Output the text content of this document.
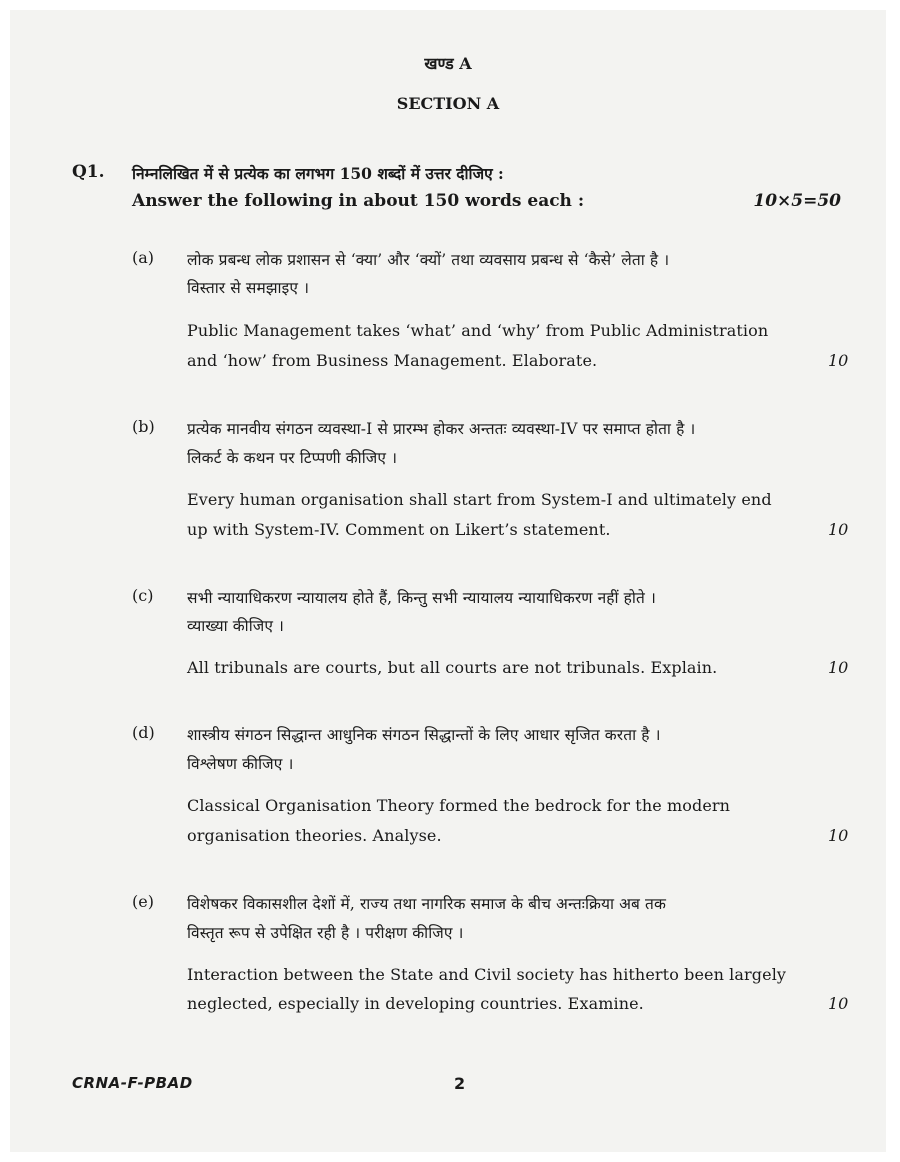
खण्ड A
SECTION A
Q1. निम्नलिखित में से प्रत्येक का लगभग 150 शब्दों में उत्तर दीजिए :
Answer the following in about 150 words each :	10×5=50
(a) लोक प्रबन्ध लोक प्रशासन से ‘क्या’ और ‘क्यों’ तथा व्यवसाय प्रबन्ध से ‘कैसे’ लेता है ।
विस्तार से समझाइए ।
Public Management takes ‘what’ and ‘why’ from Public Administration
and ‘how’ from Business Management. Elaborate.	10
(b) प्रत्येक मानवीय संगठन व्यवस्था-I से प्रारम्भ होकर अन्ततः व्यवस्था-IV पर समाप्त होता है ।
लिकर्ट के कथन पर टिप्पणी कीजिए ।
Every human organisation shall start from System-I and ultimately end
up with System-IV. Comment on Likert’s statement.	10
(c) सभी न्यायाधिकरण न्यायालय होते हैं, किन्तु सभी न्यायालय न्यायाधिकरण नहीं होते ।
व्याख्या कीजिए ।
All tribunals are courts, but all courts are not tribunals. Explain.	10
(d) शास्त्रीय संगठन सिद्धान्त आधुनिक संगठन सिद्धान्तों के लिए आधार सृजित करता है ।
विश्लेषण कीजिए ।
Classical Organisation Theory formed the bedrock for the modern
organisation theories. Analyse.	10
(e) विशेषकर विकासशील देशों में, राज्य तथा नागरिक समाज के बीच अन्तःक्रिया अब तक
विस्तृत रूप से उपेक्षित रही है । परीक्षण कीजिए ।
Interaction between the State and Civil society has hitherto been largely
neglected, especially in developing countries. Examine.	10
CRNA-F-PBAD	2
